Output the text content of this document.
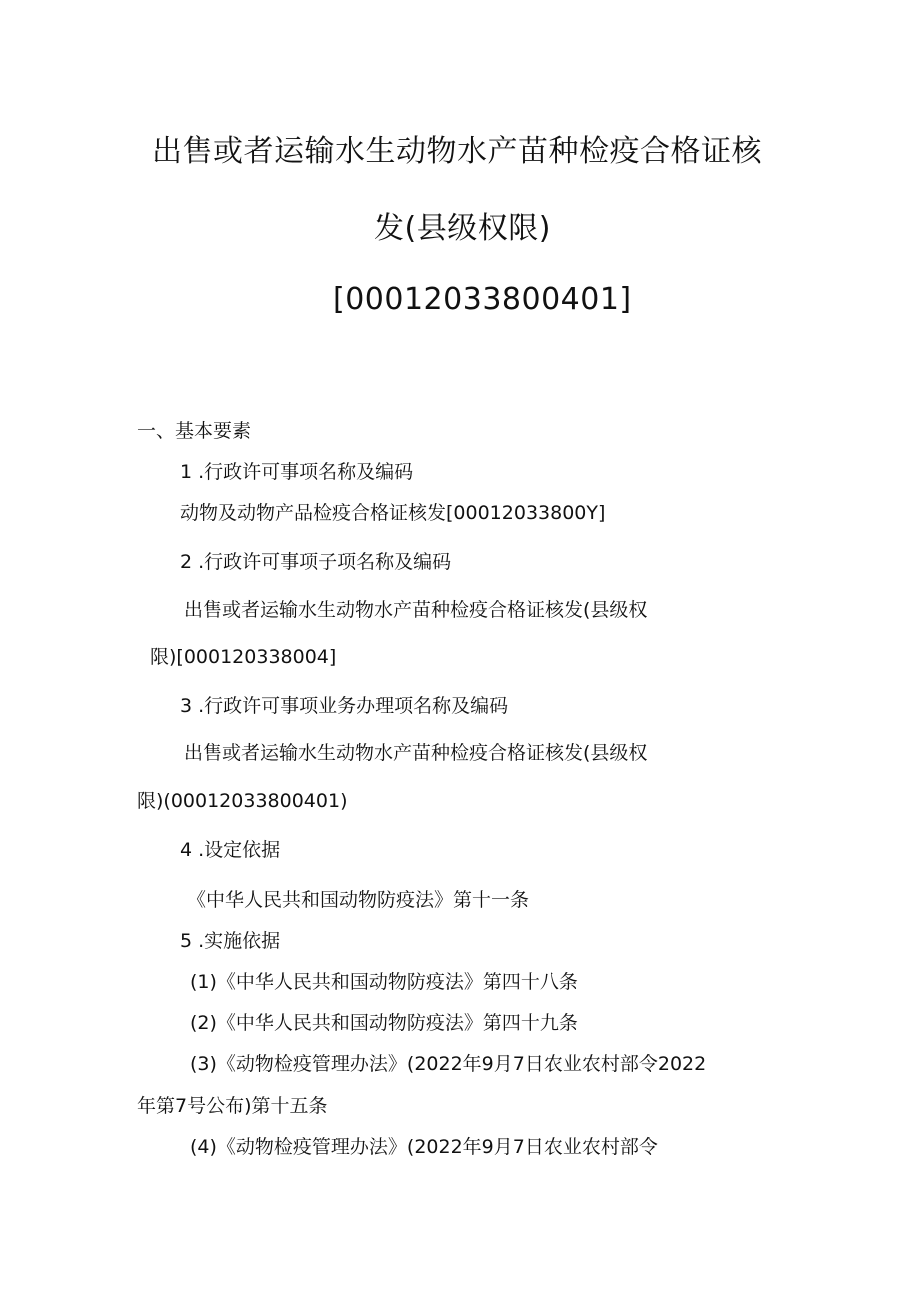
出售或者运输水生动物水产苗种检疫合格证核
发(县级权限)
[00012033800401]
一、基本要素
1 .行政许可事项名称及编码
动物及动物产品检疫合格证核发[00012033800Y]
2 .行政许可事项子项名称及编码
出售或者运输水生动物水产苗种检疫合格证核发(县级权
限)[000120338004]
3 .行政许可事项业务办理项名称及编码
出售或者运输水生动物水产苗种检疫合格证核发(县级权
限)(00012033800401)
4 .设定依据
《中华人民共和国动物防疫法》第十一条
5 .实施依据
(1)《中华人民共和国动物防疫法》第四十八条
(2)《中华人民共和国动物防疫法》第四十九条
(3)《动物检疫管理办法》(2022年9月7日农业农村部令2022
年第7号公布)第十五条
(4)《动物检疫管理办法》(2022年9月7日农业农村部令
